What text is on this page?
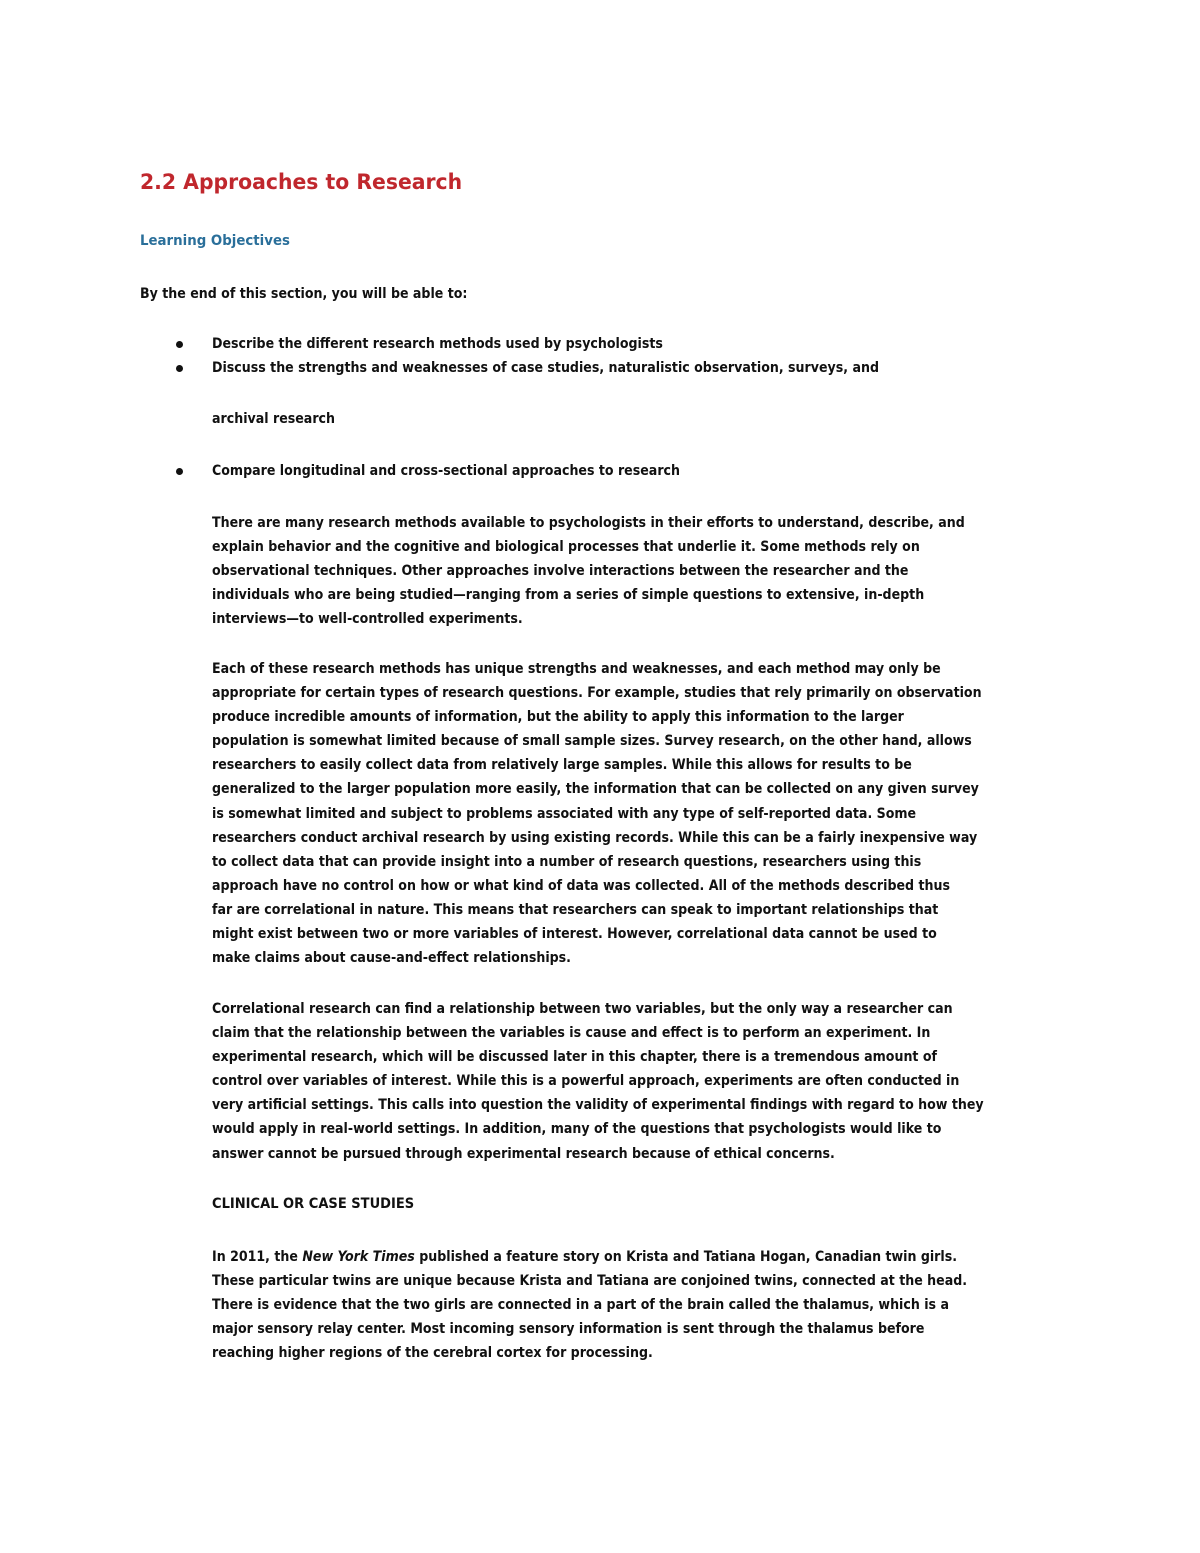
2.2 Approaches to Research
Learning Objectives

By the end of this section, you will be able to:

Describe the different research methods used by psychologists

Discuss the strengths and weaknesses of case studies, naturalistic observation, surveys, and

archival research

Compare longitudinal and cross-sectional approaches to research

There are many research methods available to psychologists in their efforts to understand, describe, and
explain behavior and the cognitive and biological processes that underlie it. Some methods rely on
observational techniques. Other approaches involve interactions between the researcher and the
individuals who are being studied—ranging from a series of simple questions to extensive, in-depth
interviews—to well-controlled experiments.
Each of these research methods has unique strengths and weaknesses, and each method may only be
appropriate for certain types of research questions. For example, studies that rely primarily on observation
produce incredible amounts of information, but the ability to apply this information to the larger
population is somewhat limited because of small sample sizes. Survey research, on the other hand, allows
researchers to easily collect data from relatively large samples. While this allows for results to be
generalized to the larger population more easily, the information that can be collected on any given survey
is somewhat limited and subject to problems associated with any type of self-reported data. Some
researchers conduct archival research by using existing records. While this can be a fairly inexpensive way
to collect data that can provide insight into a number of research questions, researchers using this
approach have no control on how or what kind of data was collected. All of the methods described thus
far are correlational in nature. This means that researchers can speak to important relationships that
might exist between two or more variables of interest. However, correlational data cannot be used to
make claims about cause-and-effect relationships.
Correlational research can find a relationship between two variables, but the only way a researcher can
claim that the relationship between the variables is cause and effect is to perform an experiment. In
experimental research, which will be discussed later in this chapter, there is a tremendous amount of
control over variables of interest. While this is a powerful approach, experiments are often conducted in
very artificial settings. This calls into question the validity of experimental findings with regard to how they
would apply in real-world settings. In addition, many of the questions that psychologists would like to
answer cannot be pursued through experimental research because of ethical concerns.
CLINICAL OR CASE STUDIES
In 2011, the New York Times published a feature story on Krista and Tatiana Hogan, Canadian twin girls.
These particular twins are unique because Krista and Tatiana are conjoined twins, connected at the head.
There is evidence that the two girls are connected in a part of the brain called the thalamus, which is a
major sensory relay center. Most incoming sensory information is sent through the thalamus before
reaching higher regions of the cerebral cortex for processing.
